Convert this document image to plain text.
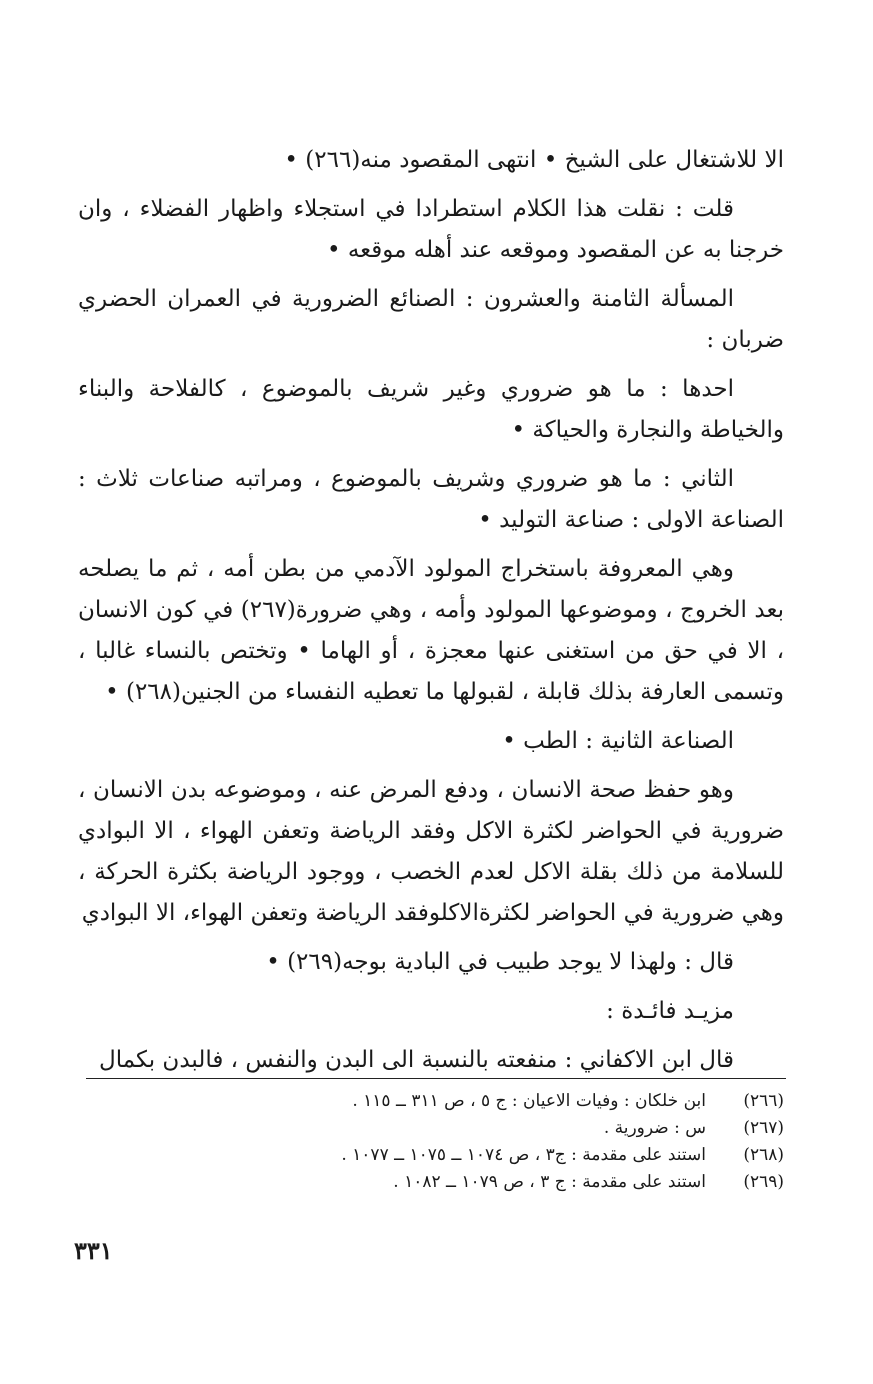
الا للاشتغال على الشيخ • انتهى المقصود منه(٢٦٦) •

قلت : نقلت هذا الكلام استطرادا في استجلاء واظهار الفضلاء ، وان خرجنا به عن المقصود وموقعه عند أهله موقعه •

المسألة الثامنة والعشرون : الصنائع الضرورية في العمران الحضري ضربان :

احدها : ما هو ضروري وغير شريف بالموضوع ، كالفلاحة والبناء والخياطة والنجارة والحياكة •

الثاني : ما هو ضروري وشريف بالموضوع ، ومراتبه صناعات ثلاث : الصناعة الاولى : صناعة التوليد •

وهي المعروفة باستخراج المولود الآدمي من بطن أمه ، ثم ما يصلحه بعد الخروج ، وموضوعها المولود وأمه ، وهي ضرورة(٢٦٧) في كون الانسان ، الا في حق من استغنى عنها معجزة ، أو الهاما • وتختص بالنساء غالبا ، وتسمى العارفة بذلك قابلة ، لقبولها ما تعطيه النفساء من الجنين(٢٦٨) •

الصناعة الثانية : الطب •

وهو حفظ صحة الانسان ، ودفع المرض عنه ، وموضوعه بدن الانسان ، ضرورية في الحواضر لكثرة الاكل وفقد الرياضة وتعفن الهواء ، الا البوادي للسلامة من ذلك بقلة الاكل لعدم الخصب ، ووجود الرياضة بكثرة الحركة ، وهي ضرورية في الحواضر لكثرةالاكلوفقد الرياضة وتعفن الهواء، الا البوادي

قال : ولهذا لا يوجد طبيب في البادية بوجه(٢٦٩) •

مزيـد فائـدة :

قال ابن الاكفاني : منفعته بالنسبة الى البدن والنفس ، فالبدن بكمال

(٢٦٦)
ابن خلكان : وفيات الاعيان : ج ٥ ، ص ٣١١ ــ ١١٥ .
(٢٦٧)
س : ضرورية .
(٢٦٨)
استند على مقدمة : ج٣ ، ص ١٠٧٤ ــ ١٠٧٥ ــ ١٠٧٧ .
(٢٦٩)
استند على مقدمة : ج ٣ ، ص ١٠٧٩ ــ ١٠٨٢ .
٣٣١
